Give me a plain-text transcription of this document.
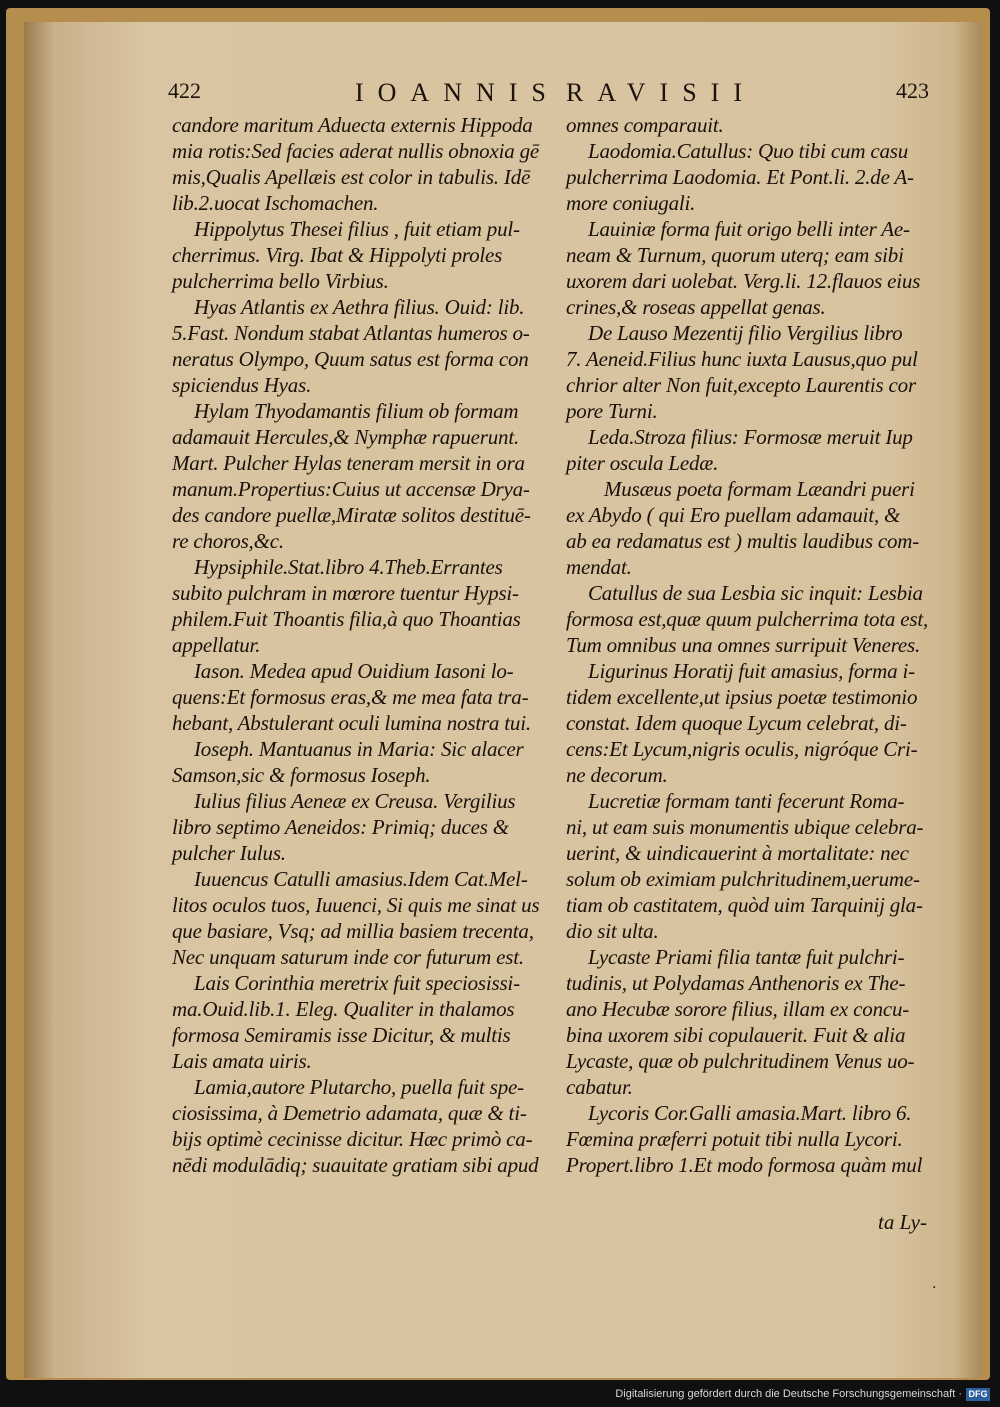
422	IOANNIS RAVISII	423
candore maritum Aduecta externis Hippoda
mia rotis:Sed facies aderat nullis obnoxia gē
mis,Qualis Apellæis est color in tabulis. Idē
lib.2.uocat Ischomachen.
Hippolytus Thesei filius , fuit etiam pul-
cherrimus. Virg. Ibat & Hippolyti proles
pulcherrima bello Virbius.
Hyas Atlantis ex Aethra filius. Ouid: lib.
5.Fast. Nondum stabat Atlantas humeros o-
neratus Olympo, Quum satus est forma con
spiciendus Hyas.
Hylam Thyodamantis filium ob formam
adamauit Hercules,& Nymphæ rapuerunt.
Mart. Pulcher Hylas teneram mersit in ora
manum.Propertius:Cuius ut accensæ Drya-
des candore puellæ,Miratæ solitos destituē-
re choros,&c.
Hypsiphile.Stat.libro 4.Theb.Errantes
subito pulchram in mœrore tuentur Hypsi-
philem.Fuit Thoantis filia,à quo Thoantias
appellatur.
Iason. Medea apud Ouidium Iasoni lo-
quens:Et formosus eras,& me mea fata tra-
hebant, Abstulerant oculi lumina nostra tui.
Ioseph. Mantuanus in Maria: Sic alacer
Samson,sic & formosus Ioseph.
Iulius filius Aeneæ ex Creusa. Vergilius
libro septimo Aeneidos: Primiq; duces &
pulcher Iulus.
Iuuencus Catulli amasius.Idem Cat.Mel-
litos oculos tuos, Iuuenci, Si quis me sinat us
que basiare, Vsq; ad millia basiem trecenta,
Nec unquam saturum inde cor futurum est.
Lais Corinthia meretrix fuit speciosissi-
ma.Ouid.lib.1. Eleg. Qualiter in thalamos
formosa Semiramis isse Dicitur, & multis
Lais amata uiris.
Lamia,autore Plutarcho, puella fuit spe-
ciosissima, à Demetrio adamata, quæ & ti-
bijs optimè cecinisse dicitur. Hæc primò ca-
nēdi modulādiq; suauitate gratiam sibi apud
omnes comparauit.
Laodomia.Catullus: Quo tibi cum casu
pulcherrima Laodomia. Et Pont.li. 2.de A-
more coniugali.
Lauiniæ forma fuit origo belli inter Ae-
neam & Turnum, quorum uterq; eam sibi
uxorem dari uolebat. Verg.li. 12.flauos eius
crines,& roseas appellat genas.
De Lauso Mezentij filio Vergilius libro
7. Aeneid.Filius hunc iuxta Lausus,quo pul
chrior alter Non fuit,excepto Laurentis cor
pore Turni.
Leda.Stroza filius: Formosæ meruit Iup
piter oscula Ledæ.
Musæus poeta formam Læandri pueri
ex Abydo ( qui Ero puellam adamauit, &
ab ea redamatus est ) multis laudibus com-
mendat.
Catullus de sua Lesbia sic inquit: Lesbia
formosa est,quæ quum pulcherrima tota est,
Tum omnibus una omnes surripuit Veneres.
Ligurinus Horatij fuit amasius, forma i-
tidem excellente,ut ipsius poetæ testimonio
constat. Idem quoque Lycum celebrat, di-
cens:Et Lycum,nigris oculis, nigróque Cri-
ne decorum.
Lucretiæ formam tanti fecerunt Roma-
ni, ut eam suis monumentis ubique celebra-
uerint, & uindicauerint à mortalitate: nec
solum ob eximiam pulchritudinem,uerume-
tiam ob castitatem, quòd uim Tarquinij gla-
dio sit ulta.
Lycaste Priami filia tantæ fuit pulchri-
tudinis, ut Polydamas Anthenoris ex The-
ano Hecubæ sorore filius, illam ex concu-
bina uxorem sibi copulauerit. Fuit & alia
Lycaste, quæ ob pulchritudinem Venus uo-
cabatur.
Lycoris Cor.Galli amasia.Mart. libro 6.
Fœmina præferri potuit tibi nulla Lycori.
Propert.libro 1.Et modo formosa quàm mul
ta Ly-
·
Digitalisierung gefördert durch die Deutsche Forschungsgemeinschaft · DFG
